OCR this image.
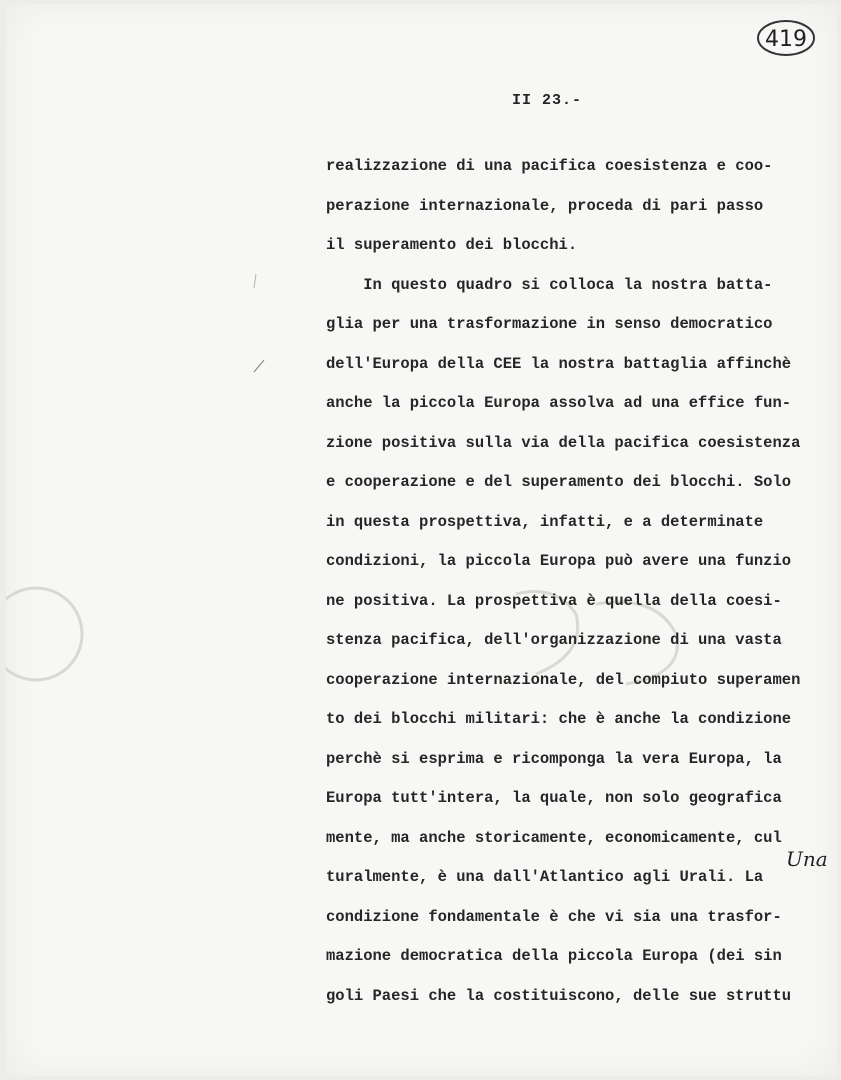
419
II 23.-
realizzazione di una pacifica coesistenza e coo-
perazione internazionale, proceda di pari passo
il superamento dei blocchi.
In questo quadro si colloca la nostra batta-
glia per una trasformazione in senso democratico
dell'Europa della CEE la nostra battaglia affinchè
anche la piccola Europa assolva ad una effice fun-
zione positiva sulla via della pacifica coesistenza
e cooperazione e del superamento dei blocchi. Solo
in questa prospettiva, infatti, e a determinate
condizioni, la piccola Europa può avere una funzio
ne positiva. La prospettiva è quella della coesi-
stenza pacifica, dell'organizzazione di una vasta
cooperazione internazionale, del compiuto superamen
to dei blocchi militari: che è anche la condizione
perchè si esprima e ricomponga la vera Europa, la
Europa tutt'intera, la quale, non solo geografica
mente, ma anche storicamente, economicamente, cul
turalmente, è una dall'Atlantico agli Urali. La
condizione fondamentale è che vi sia una trasfor-
mazione democratica della piccola Europa (dei sin
goli Paesi che la costituiscono, delle sue struttu
Una
